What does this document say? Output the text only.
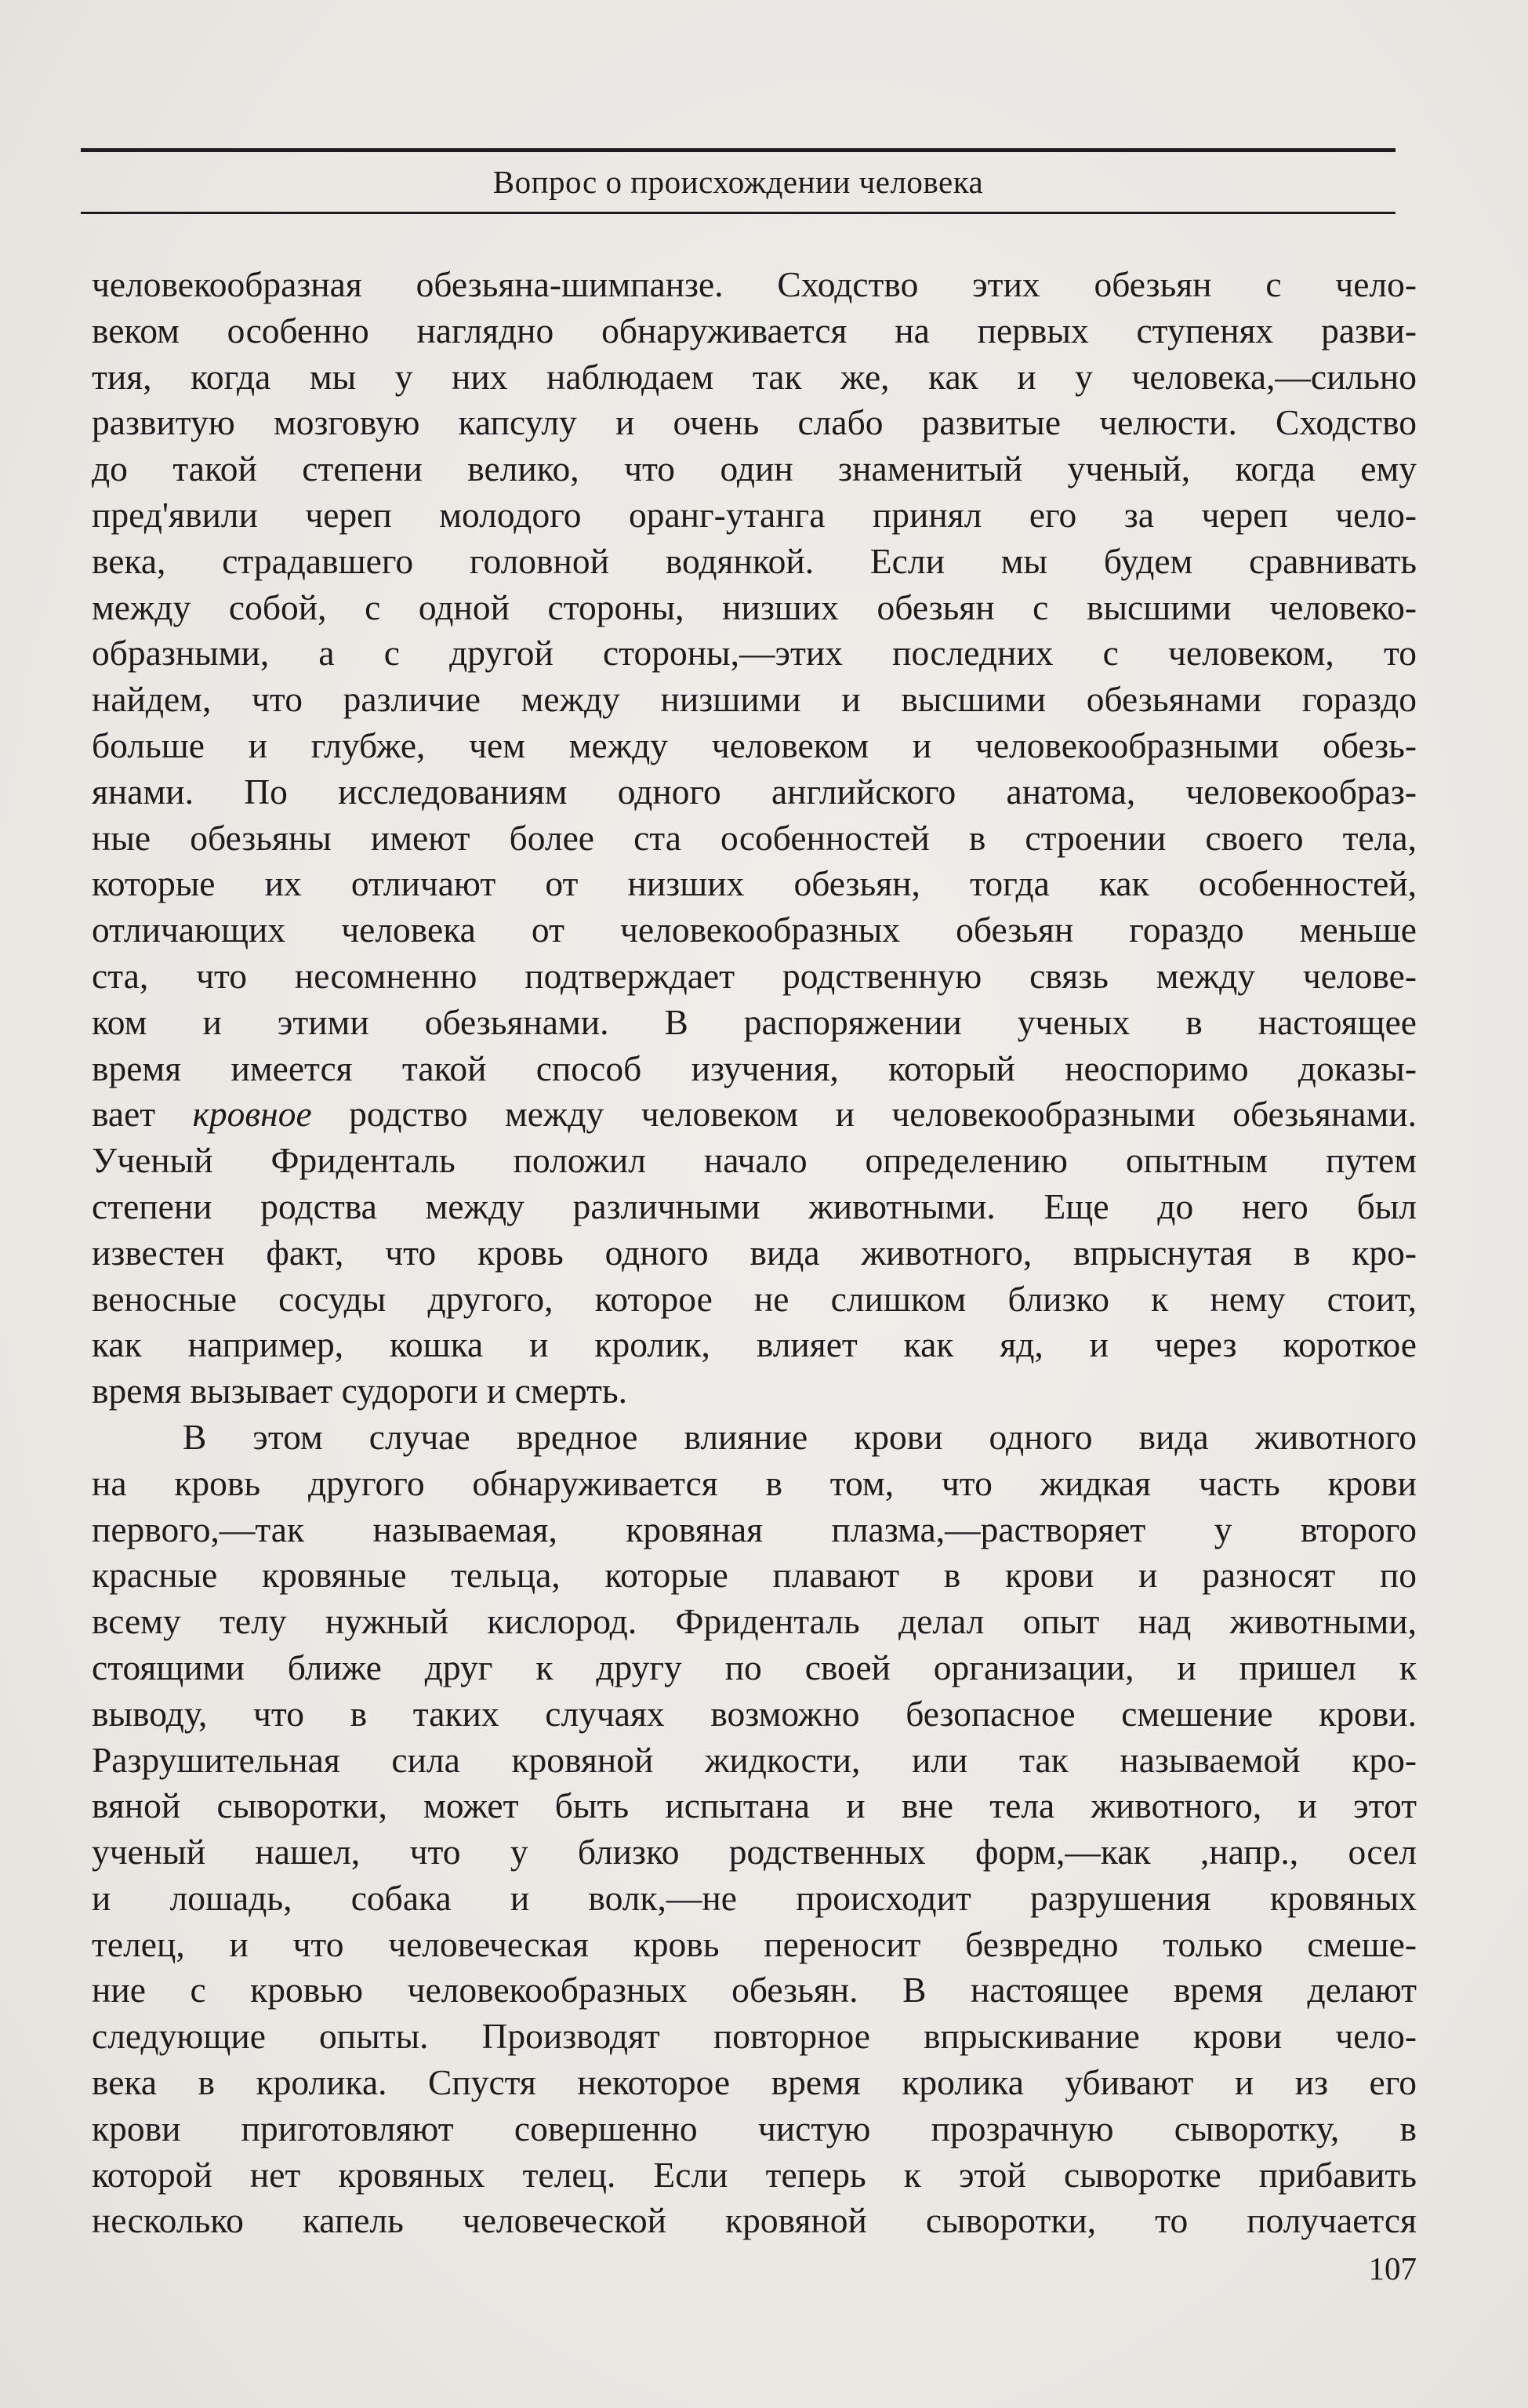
Вопрос о происхождении человека
человекообразная обезьяна-шимпанзе. Сходство этих обезьян с чело-
веком особенно наглядно обнаруживается на первых ступенях разви-
тия, когда мы у них наблюдаем так же, как и у человека,—сильно
развитую мозговую капсулу и очень слабо развитые челюсти. Сходство
до такой степени велико, что один знаменитый ученый, когда ему
пред'явили череп молодого оранг-утанга принял его за череп чело-
века, страдавшего головной водянкой. Если мы будем сравнивать
между собой, с одной стороны, низших обезьян с высшими человеко-
образными, а с другой стороны,—этих последних с человеком, то
найдем, что различие между низшими и высшими обезьянами гораздо
больше и глубже, чем между человеком и человекообразными обезь-
янами. По исследованиям одного английского анатома, человекообраз-
ные обезьяны имеют более ста особенностей в строении своего тела,
которые их отличают от низших обезьян, тогда как особенностей,
отличающих человека от человекообразных обезьян гораздо меньше
ста, что несомненно подтверждает родственную связь между челове-
ком и этими обезьянами. В распоряжении ученых в настоящее
время имеется такой способ изучения, который неоспоримо доказы-
вает кровное родство между человеком и человекообразными обезьянами.
Ученый Фриденталь положил начало определению опытным путем
степени родства между различными животными. Еще до него был
известен факт, что кровь одного вида животного, впрыснутая в кро-
веносные сосуды другого, которое не слишком близко к нему стоит,
как например, кошка и кролик, влияет как яд, и через короткое
время вызывает судороги и смерть.
В этом случае вредное влияние крови одного вида животного
на кровь другого обнаруживается в том, что жидкая часть крови
первого,—так называемая, кровяная плазма,—растворяет у второго
красные кровяные тельца, которые плавают в крови и разносят по
всему телу нужный кислород. Фриденталь делал опыт над животными,
стоящими ближе друг к другу по своей организации, и пришел к
выводу, что в таких случаях возможно безопасное смешение крови.
Разрушительная сила кровяной жидкости, или так называемой кро-
вяной сыворотки, может быть испытана и вне тела животного, и этот
ученый нашел, что у близко родственных форм,—как ,напр., осел
и лошадь, собака и волк,—не происходит разрушения кровяных
телец, и что человеческая кровь переносит безвредно только смеше-
ние с кровью человекообразных обезьян. В настоящее время делают
следующие опыты. Производят повторное впрыскивание крови чело-
века в кролика. Спустя некоторое время кролика убивают и из его
крови приготовляют совершенно чистую прозрачную сыворотку, в
которой нет кровяных телец. Если теперь к этой сыворотке прибавить
несколько капель человеческой кровяной сыворотки, то получается
107
